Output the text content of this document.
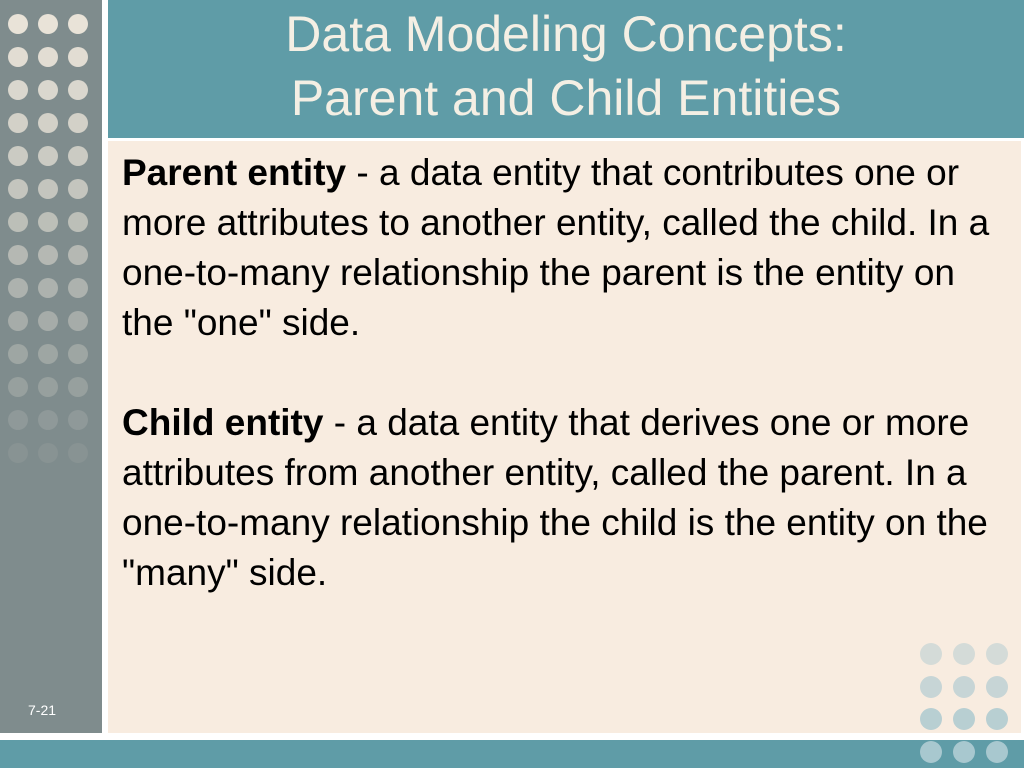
7-21
Data Modeling Concepts:
Parent and Child Entities

Parent entity - a data entity that contributes one or more attributes to another entity, called the child. In a one-to-many relationship the parent is the entity on the "one" side.

Child entity - a data entity that derives one or more attributes from another entity, called the parent. In a one-to-many relationship the child is the entity on the "many" side.
